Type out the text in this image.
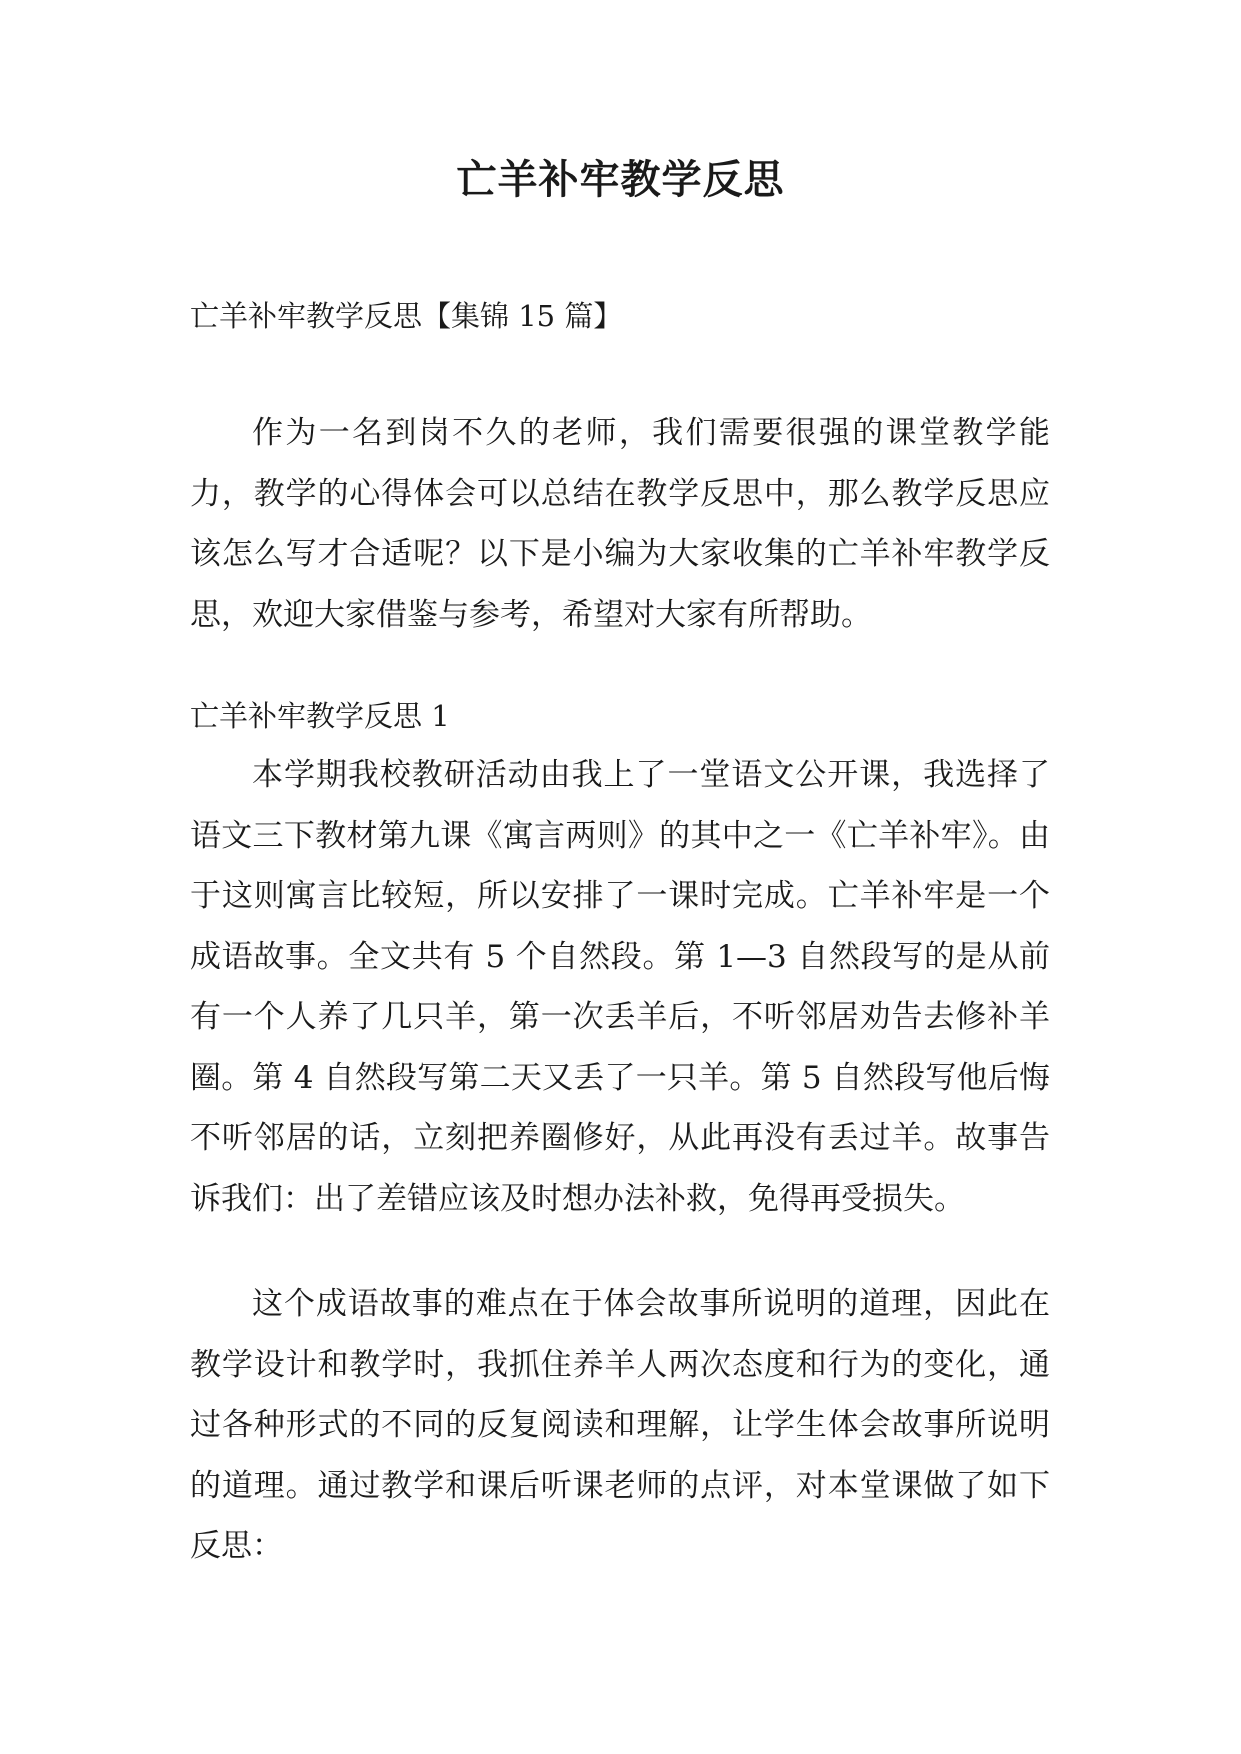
亡羊补牢教学反思

亡羊补牢教学反思【集锦 15 篇】

作为一名到岗不久的老师，我们需要很强的课堂教学能力，教学的心得体会可以总结在教学反思中，那么教学反思应该怎么写才合适呢？以下是小编为大家收集的亡羊补牢教学反思，欢迎大家借鉴与参考，希望对大家有所帮助。

亡羊补牢教学反思 1

本学期我校教研活动由我上了一堂语文公开课，我选择了语文三下教材第九课《寓言两则》的其中之一《亡羊补牢》。由于这则寓言比较短，所以安排了一课时完成。亡羊补牢是一个成语故事。全文共有 5 个自然段。第 1—3 自然段写的是从前有一个人养了几只羊，第一次丢羊后，不听邻居劝告去修补羊圈。第 4 自然段写第二天又丢了一只羊。第 5 自然段写他后悔不听邻居的话，立刻把养圈修好，从此再没有丢过羊。故事告诉我们：出了差错应该及时想办法补救，免得再受损失。

这个成语故事的难点在于体会故事所说明的道理，因此在教学设计和教学时，我抓住养羊人两次态度和行为的变化，通过各种形式的不同的反复阅读和理解，让学生体会故事所说明的道理。通过教学和课后听课老师的点评，对本堂课做了如下反思：
